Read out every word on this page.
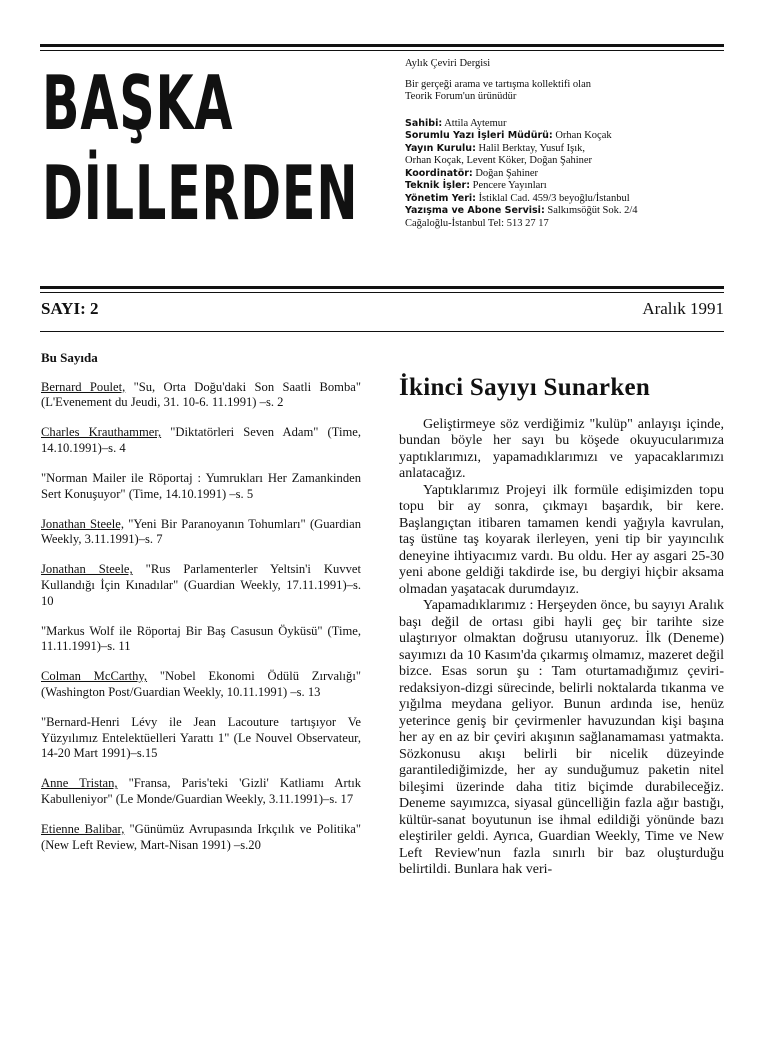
BAŞKA
DİLLERDEN

Aylık Çeviri Dergisi

Bir gerçeği arama ve tartışma kollektifi olan

Teorik Forum'un ürünüdür

Sahibi: Attila Aytemur

Sorumlu Yazı İşleri Müdürü: Orhan Koçak

Yayın Kurulu: Halil Berktay, Yusuf Işık,

Orhan Koçak, Levent Köker, Doğan Şahiner

Koordinatör: Doğan Şahiner

Teknik İşler: Pencere Yayınları

Yönetim Yeri: İstiklal Cad. 459/3 beyoğlu/İstanbul

Yazışma ve Abone Servisi: Salkımsöğüt Sok. 2/4

Cağaloğlu-İstanbul Tel: 513 27 17

SAYI: 2	Aralık 1991
Bu Sayıda
Bernard Poulet, "Su, Orta Doğu'daki Son Saatli Bomba" (L'Evenement du Jeudi, 31. 10-6. 11.1991) –s. 2
Charles Krauthammer, "Diktatörleri Seven Adam" (Time, 14.10.1991)–s. 4
"Norman Mailer ile Röportaj : Yumrukları Her Zamankinden Sert Konuşuyor" (Time, 14.10.1991) –s. 5
Jonathan Steele, "Yeni Bir Paranoyanın Tohumları" (Guardian Weekly, 3.11.1991)–s. 7
Jonathan Steele, "Rus Parlamenterler Yeltsin'i Kuvvet Kullandığı İçin Kınadılar" (Guardian Weekly, 17.11.1991)–s. 10
"Markus Wolf ile Röportaj Bir Baş Casusun Öyküsü" (Time, 11.11.1991)–s. 11
Colman McCarthy, "Nobel Ekonomi Ödülü Zırvalığı" (Washington Post/Guardian Weekly, 10.11.1991) –s. 13
"Bernard-Henri Lévy ile Jean Lacouture tartışıyor Ve Yüzyılımız Entelektüelleri Yarattı 1" (Le Nouvel Observateur, 14-20 Mart 1991)–s.15
Anne Tristan, "Fransa, Paris'teki 'Gizli' Katliamı Artık Kabulleniyor" (Le Monde/Guardian Weekly, 3.11.1991)–s. 17
Etienne Balibar, "Günümüz Avrupasında Irkçılık ve Politika" (New Left Review, Mart-Nisan 1991) –s.20
İkinci Sayıyı Sunarken

Geliştirmeye söz verdiğimiz "kulüp" anlayışı içinde, bundan böyle her sayı bu köşede okuyucularımıza yaptıklarımızı, yapamadıklarımızı ve yapacaklarımızı anlatacağız.

Yaptıklarımız Projeyi ilk formüle edişimizden topu topu bir ay sonra, çıkmayı başardık, bir kere. Başlangıçtan itibaren tamamen kendi yağıyla kavrulan, taş üstüne taş koyarak ilerleyen, yeni tip bir yayıncılık deneyine ihtiyacımız vardı. Bu oldu. Her ay asgari 25-30 yeni abone geldiği takdirde ise, bu dergiyi hiçbir aksama olmadan yaşatacak durumdayız.

Yapamadıklarımız : Herşeyden önce, bu sayıyı Aralık başı değil de ortası gibi hayli geç bir tarihte size ulaştırıyor olmaktan doğrusu utanıyoruz. İlk (Deneme) sayımızı da 10 Kasım'da çıkarmış olmamız, mazeret değil bizce. Esas sorun şu : Tam oturtamadığımız çeviri-redaksiyon-dizgi sürecinde, belirli noktalarda tıkanma ve yığılma meydana geliyor. Bunun ardında ise, henüz yeterince geniş bir çevirmenler havuzundan kişi başına her ay en az bir çeviri akışının sağlanamaması yatmakta. Sözkonusu akışı belirli bir nicelik düzeyinde garantilediğimizde, her ay sunduğumuz paketin nitel bileşimi üzerinde daha titiz biçimde durabileceğiz. Deneme sayımızca, siyasal güncelliğin fazla ağır bastığı, kültür-sanat boyutunun ise ihmal edildiği yönünde bazı eleştiriler geldi. Ayrıca, Guardian Weekly, Time ve New Left Review'nun fazla sınırlı bir baz oluşturduğu belirtildi. Bunlara hak veri-
